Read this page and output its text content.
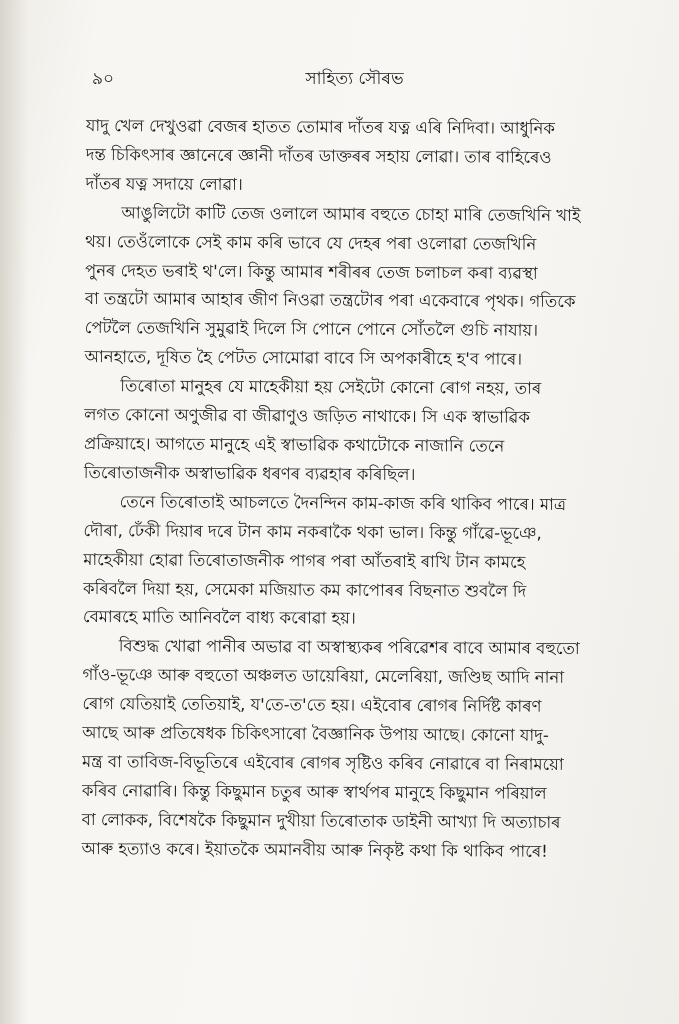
৯০	সাহিত্য সৌৰভ
যাদু খেল দেখুওৱা বেজৰ হাতত তোমাৰ দাঁতৰ যত্ন এৰি নিদিবা। আধুনিক
দন্ত চিকিৎসাৰ জ্ঞানেৰে জ্ঞানী দাঁতৰ ডাক্তৰৰ সহায় লোৱা। তাৰ বাহিৰেও
দাঁতৰ যত্ন সদায়ে লোৱা।
আঙুলিটো কাটি তেজ ওলালে আমাৰ বহুতে চোহা মাৰি তেজখিনি খাই
থয়। তেওঁলোকে সেই কাম কৰি ভাবে যে দেহৰ পৰা ওলোৱা তেজখিনি
পুনৰ দেহত ভৰাই থ'লে। কিন্তু আমাৰ শৰীৰৰ তেজ চলাচল কৰা ব্যৱস্থা
বা তন্ত্ৰটো আমাৰ আহাৰ জীণ নিওৱা তন্ত্ৰটোৰ পৰা একেবাৰে পৃথক। গতিকে
পেটলৈ তেজখিনি সুমুৱাই দিলে সি পোনে পোনে সোঁতলৈ গুচি নাযায়।
আনহাতে, দূষিত হৈ পেটত সোমোৱা বাবে সি অপকাৰীহে হ'ব পাৰে।
তিৰোতা মানুহৰ যে মাহেকীয়া হয় সেইটো কোনো ৰোগ নহয়, তাৰ
লগত কোনো অণুজীৱ বা জীৱাণুও জড়িত নাথাকে। সি এক স্বাভাৱিক
প্ৰক্ৰিয়াহে। আগতে মানুহে এই স্বাভাৱিক কথাটোকে নাজানি তেনে
তিৰোতাজনীক অস্বাভাৱিক ধৰণৰ ব্যৱহাৰ কৰিছিল।
তেনে তিৰোতাই আচলতে দৈনন্দিন কাম-কাজ কৰি থাকিব পাৰে। মাত্ৰ
দৌৰা, ঢেঁকী দিয়াৰ দৰে টান কাম নকৰাকৈ থকা ভাল। কিন্তু গাঁৱে-ভূঞে,
মাহেকীয়া হোৱা তিৰোতাজনীক পাগৰ পৰা আঁতৰাই ৰাখি টান কামহে
কৰিবলৈ দিয়া হয়, সেমেকা মজিয়াত কম কাপোৰৰ বিছনাত শুবলৈ দি
বেমাৰহে মাতি আনিবলৈ বাধ্য কৰোৱা হয়।
বিশুদ্ধ খোৱা পানীৰ অভাৱ বা অস্বাস্থ্যকৰ পৰিৱেশৰ বাবে আমাৰ বহুতো
গাঁও-ভূঞে আৰু বহুতো অঞ্চলত ডায়েৰিয়া, মেলেৰিয়া, জণ্ডিছ আদি নানা
ৰোগ যেতিয়াই তেতিয়াই, য'তে-ত'তে হয়। এইবোৰ ৰোগৰ নিৰ্দিষ্ট কাৰণ
আছে আৰু প্ৰতিষেধক চিকিৎসাৰো বৈজ্ঞানিক উপায় আছে। কোনো যাদু-
মন্ত্ৰ বা তাবিজ-বিভূতিৰে এইবোৰ ৰোগৰ সৃষ্টিও কৰিব নোৱাৰে বা নিৰাময়ো
কৰিব নোৱাৰি। কিন্তু কিছুমান চতুৰ আৰু স্বাৰ্থপৰ মানুহে কিছুমান পৰিয়াল
বা লোকক, বিশেষকৈ কিছুমান দুখীয়া তিৰোতাক ডাইনী আখ্যা দি অত্যাচাৰ
আৰু হত্যাও কৰে। ইয়াতকৈ অমানবীয় আৰু নিকৃষ্ট কথা কি থাকিব পাৰে!
